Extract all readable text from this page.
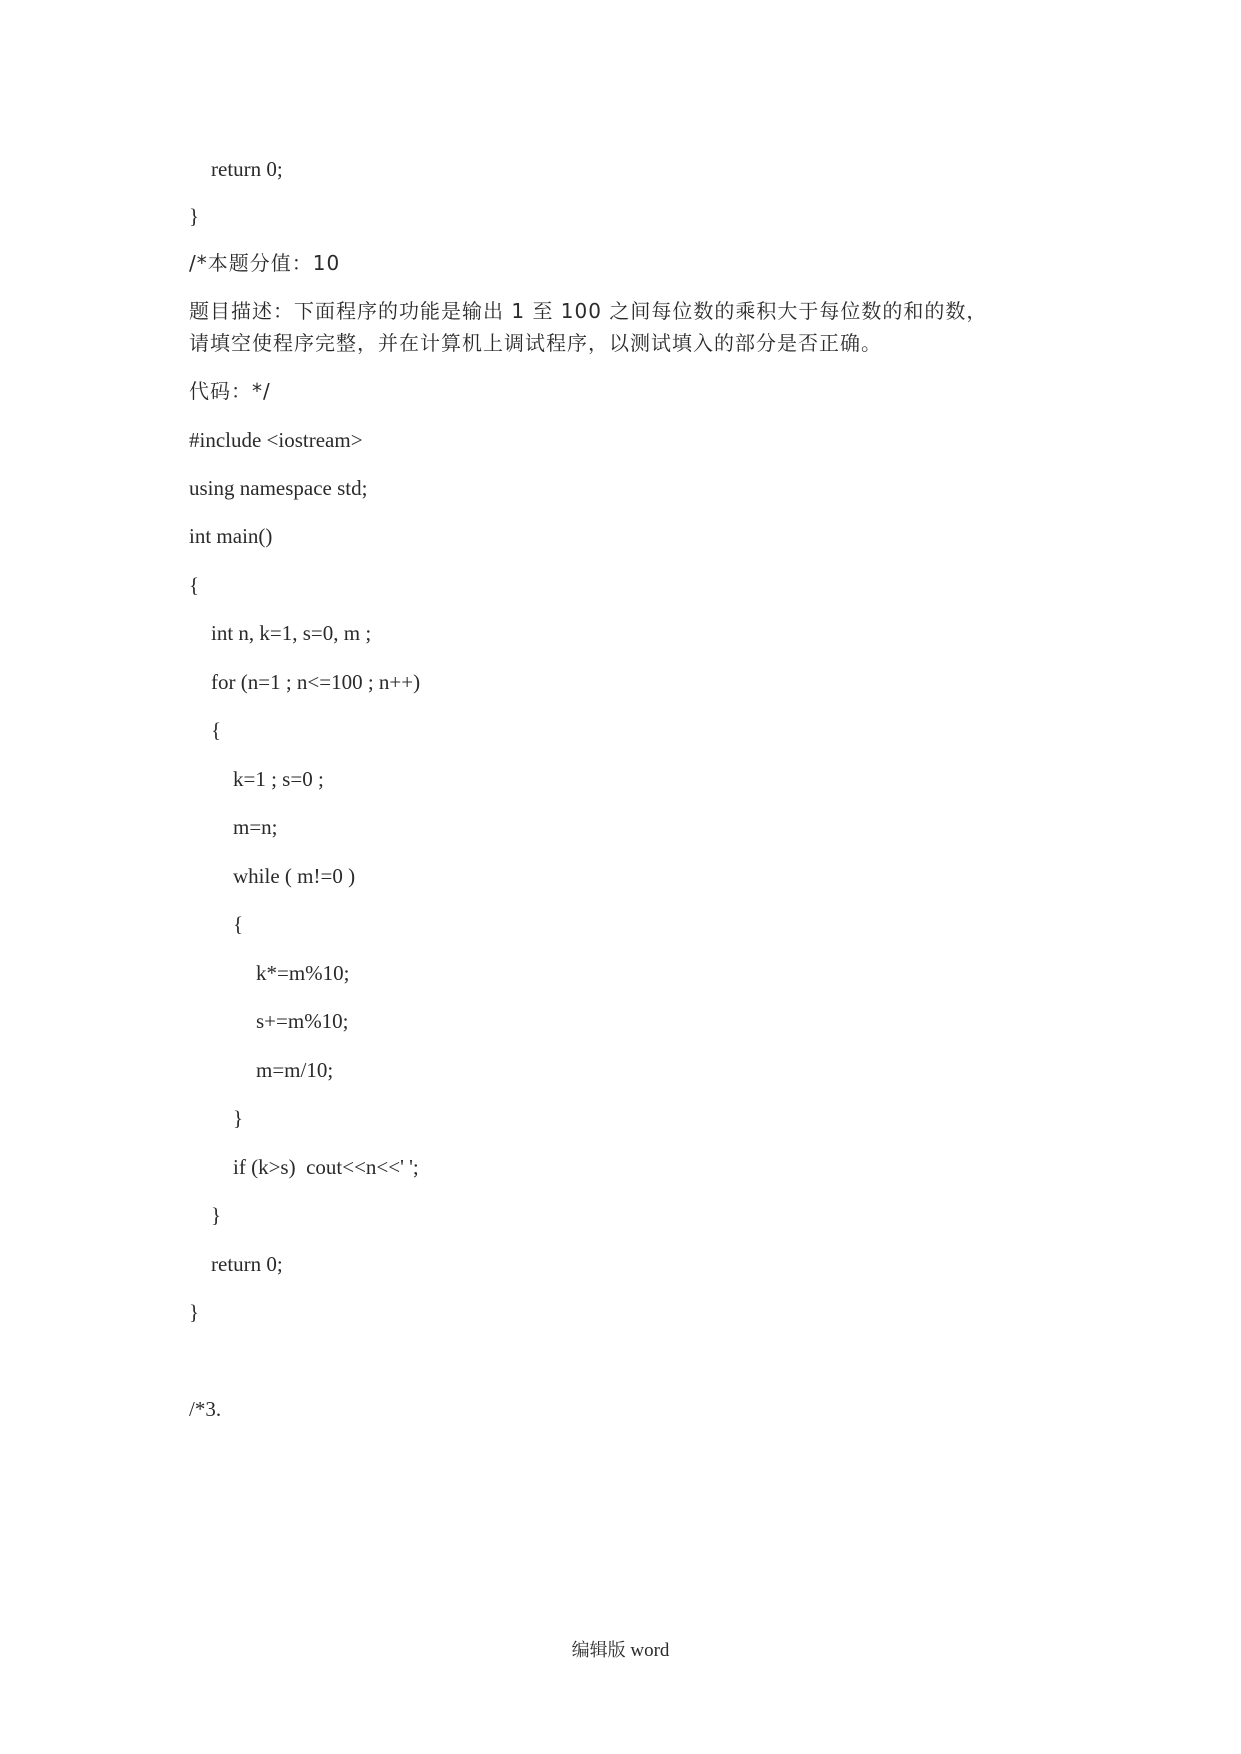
return 0;
}
/*本题分值：10
题目描述：下面程序的功能是输出 1 至 100 之间每位数的乘积大于每位数的和的数，
请填空使程序完整，并在计算机上调试程序，以测试填入的部分是否正确。
代码：*/
#include <iostream>
using namespace std;
int main()
{
int n, k=1, s=0, m ;
for (n=1 ; n<=100 ; n++)
{
k=1 ; s=0 ;
m=n;
while ( m!=0 )
{
k*=m%10;
s+=m%10;
m=m/10;
}
if (k>s)  cout<<n<<' ';
}
return 0;
}
/*3.
编辑版 word
